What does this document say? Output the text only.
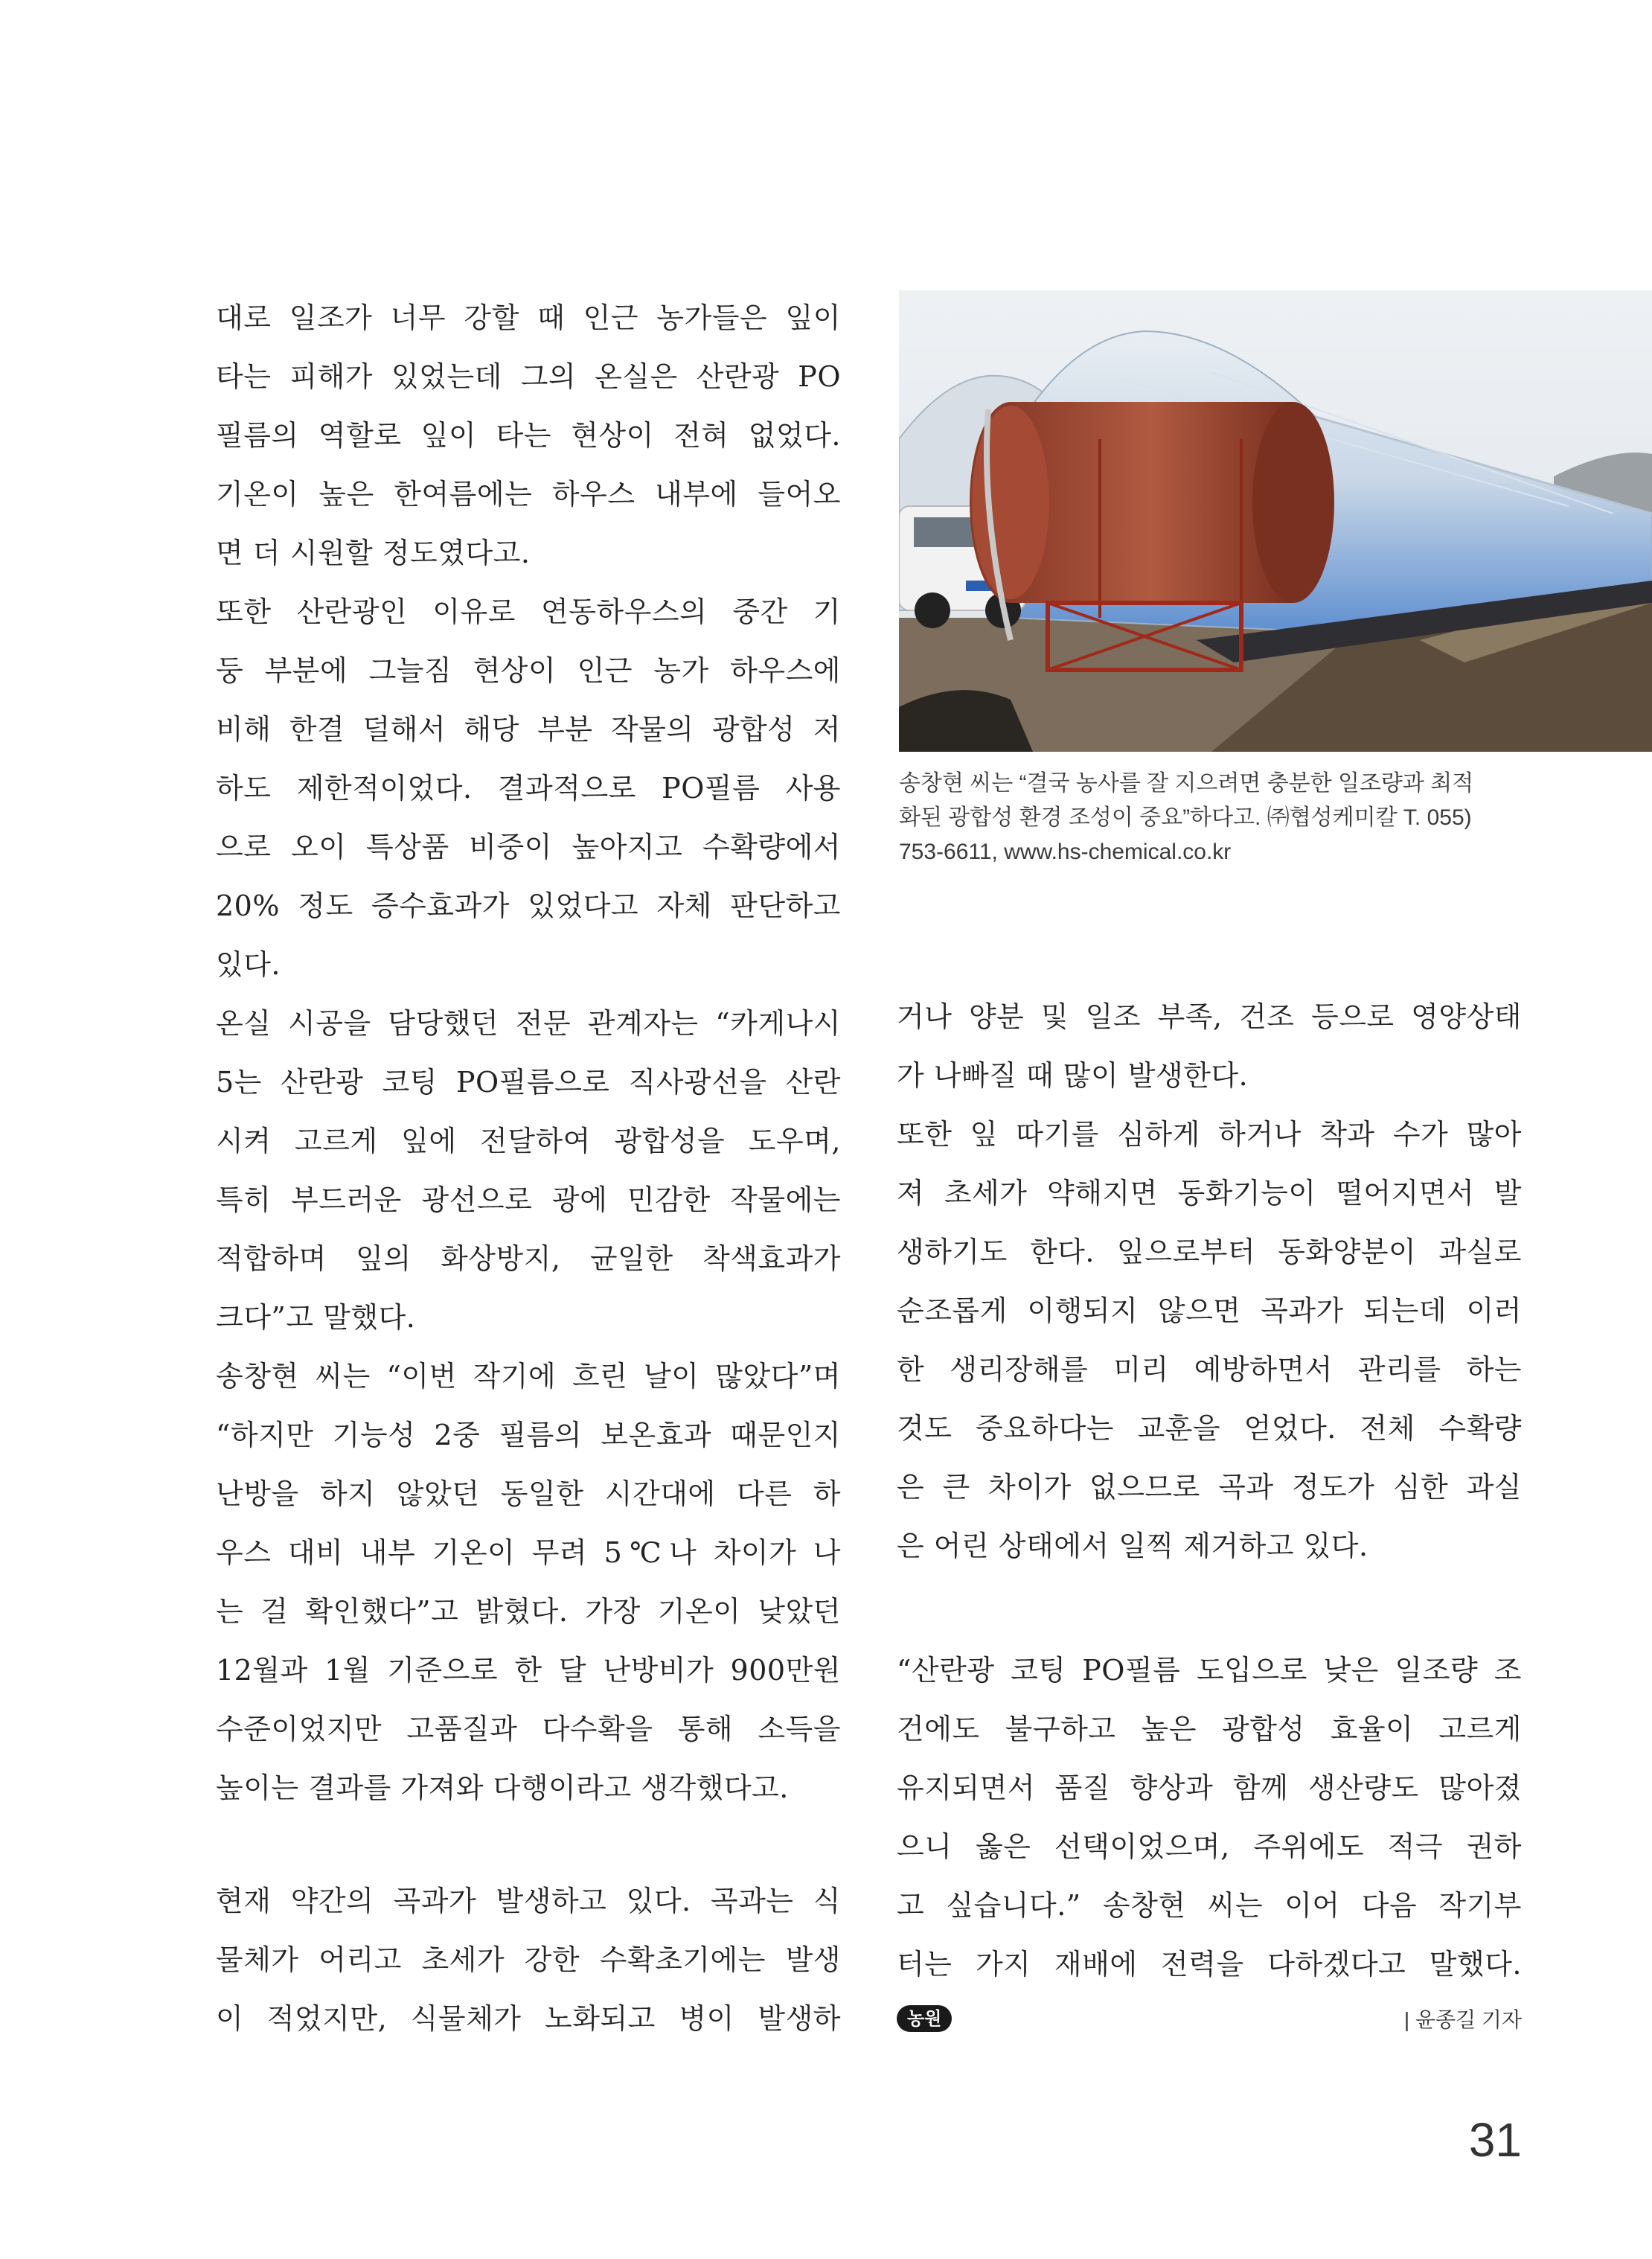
대로 일조가 너무 강할 때 인근 농가들은 잎이
타는 피해가 있었는데 그의 온실은 산란광 PO
필름의 역할로 잎이 타는 현상이 전혀 없었다.
기온이 높은 한여름에는 하우스 내부에 들어오
면 더 시원할 정도였다고.
또한 산란광인 이유로 연동하우스의 중간 기
둥 부분에 그늘짐 현상이 인근 농가 하우스에
비해 한결 덜해서 해당 부분 작물의 광합성 저
하도 제한적이었다. 결과적으로 PO필름 사용
으로 오이 특상품 비중이 높아지고 수확량에서
20% 정도 증수효과가 있었다고 자체 판단하고
있다.
온실 시공을 담당했던 전문 관계자는 “카게나시
5는 산란광 코팅 PO필름으로 직사광선을 산란
시켜 고르게 잎에 전달하여 광합성을 도우며,
특히 부드러운 광선으로 광에 민감한 작물에는
적합하며 잎의 화상방지, 균일한 착색효과가
크다”고 말했다.
송창현 씨는 “이번 작기에 흐린 날이 많았다”며
“하지만 기능성 2중 필름의 보온효과 때문인지
난방을 하지 않았던 동일한 시간대에 다른 하
우스 대비 내부 기온이 무려 5℃나 차이가 나
는 걸 확인했다”고 밝혔다. 가장 기온이 낮았던
12월과 1월 기준으로 한 달 난방비가 900만원
수준이었지만 고품질과 다수확을 통해 소득을
높이는 결과를 가져와 다행이라고 생각했다고.
송창현 씨는 “결국 농사를 잘 지으려면 충분한 일조량과 최적
화된 광합성 환경 조성이 중요”하다고. ㈜협성케미칼 T. 055)
753-6611, www.hs-chemical.co.kr
거나 양분 및 일조 부족, 건조 등으로 영양상태
가 나빠질 때 많이 발생한다.
또한 잎 따기를 심하게 하거나 착과 수가 많아
져 초세가 약해지면 동화기능이 떨어지면서 발
생하기도 한다. 잎으로부터 동화양분이 과실로
순조롭게 이행되지 않으면 곡과가 되는데 이러
한 생리장해를 미리 예방하면서 관리를 하는
것도 중요하다는 교훈을 얻었다. 전체 수확량
은 큰 차이가 없으므로 곡과 정도가 심한 과실
은 어린 상태에서 일찍 제거하고 있다.
“산란광 코팅 PO필름 도입으로 낮은 일조량 조
건에도 불구하고 높은 광합성 효율이 고르게
유지되면서 품질 향상과 함께 생산량도 많아졌
으니 옳은 선택이었으며, 주위에도 적극 권하
고 싶습니다.” 송창현 씨는 이어 다음 작기부
터는 가지 재배에 전력을 다하겠다고 말했다.
현재 약간의 곡과가 발생하고 있다. 곡과는 식
물체가 어리고 초세가 강한 수확초기에는 발생
이 적었지만, 식물체가 노화되고 병이 발생하	농원	| 윤종길 기자
31
